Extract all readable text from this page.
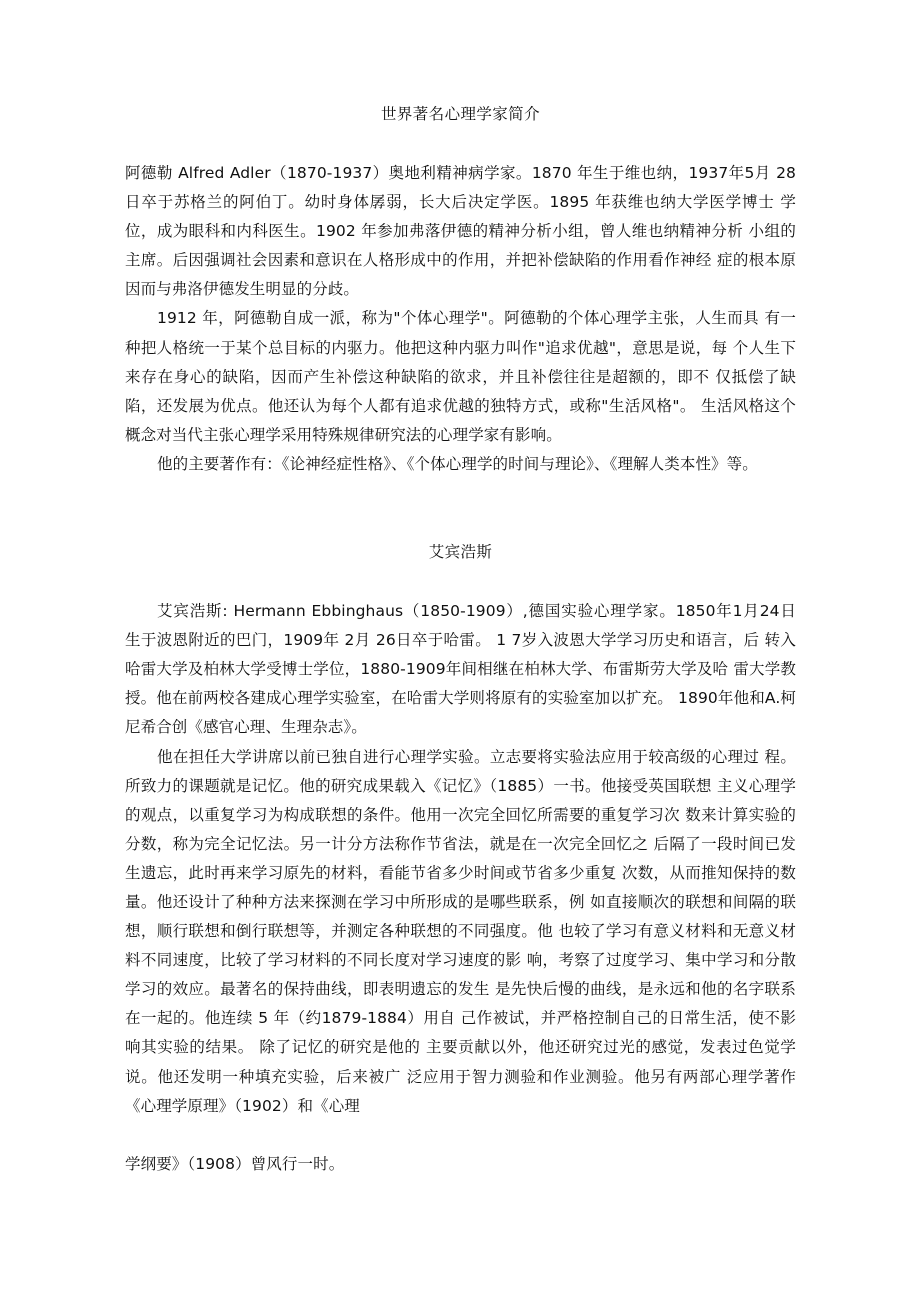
世界著名心理学家简介

阿德勒 Alfred Adler（1870-1937）奥地利精神病学家。1870 年生于维也纳，1937年5月 28 日卒于苏格兰的阿伯丁。幼时身体孱弱，长大后决定学医。1895 年获维也纳大学医学博士 学位，成为眼科和内科医生。1902 年参加弗落伊德的精神分析小组，曾人维也纳精神分析 小组的主席。后因强调社会因素和意识在人格形成中的作用，并把补偿缺陷的作用看作神经 症的根本原因而与弗洛伊德发生明显的分歧。

1912 年，阿德勒自成一派，称为"个体心理学"。阿德勒的个体心理学主张，人生而具 有一种把人格统一于某个总目标的内驱力。他把这种内驱力叫作"追求优越"，意思是说，每 个人生下来存在身心的缺陷，因而产生补偿这种缺陷的欲求，并且补偿往往是超额的，即不 仅抵偿了缺陷，还发展为优点。他还认为每个人都有追求优越的独特方式，或称"生活风格"。 生活风格这个概念对当代主张心理学采用特殊规律研究法的心理学家有影响。

他的主要著作有：《论神经症性格》、《个体心理学的时间与理论》、《理解人类本性》等。

艾宾浩斯

艾宾浩斯: Hermann Ebbinghaus（1850-1909）,德国实验心理学家。1850年1月24日 生于波恩附近的巴门，1909年 2月 26日卒于哈雷。 1 7岁入波恩大学学习历史和语言，后 转入哈雷大学及柏林大学受博士学位，1880-1909年间相继在柏林大学、布雷斯劳大学及哈 雷大学教授。他在前两校各建成心理学实验室，在哈雷大学则将原有的实验室加以扩充。 1890年他和A.柯尼希合创《感官心理、生理杂志》。

他在担任大学讲席以前已独自进行心理学实验。立志要将实验法应用于较高级的心理过 程。所致力的课题就是记忆。他的研究成果载入《记忆》（1885）一书。他接受英国联想 主义心理学的观点，以重复学习为构成联想的条件。他用一次完全回忆所需要的重复学习次 数来计算实验的分数，称为完全记忆法。另一计分方法称作节省法，就是在一次完全回忆之 后隔了一段时间已发生遗忘，此时再来学习原先的材料，看能节省多少时间或节省多少重复 次数，从而推知保持的数量。他还设计了种种方法来探测在学习中所形成的是哪些联系，例 如直接顺次的联想和间隔的联想，顺行联想和倒行联想等，并测定各种联想的不同强度。他 也较了学习有意义材料和无意义材料不同速度，比较了学习材料的不同长度对学习速度的影 响，考察了过度学习、集中学习和分散学习的效应。最著名的保持曲线，即表明遗忘的发生 是先快后慢的曲线，是永远和他的名字联系在一起的。他连续 5 年（约1879-1884）用自 己作被试，并严格控制自己的日常生活，使不影响其实验的结果。 除了记忆的研究是他的 主要贡献以外，他还研究过光的感觉，发表过色觉学说。他还发明一种填充实验，后来被广 泛应用于智力测验和作业测验。他另有两部心理学著作《心理学原理》（1902）和《心理

学纲要》（1908）曾风行一时。
